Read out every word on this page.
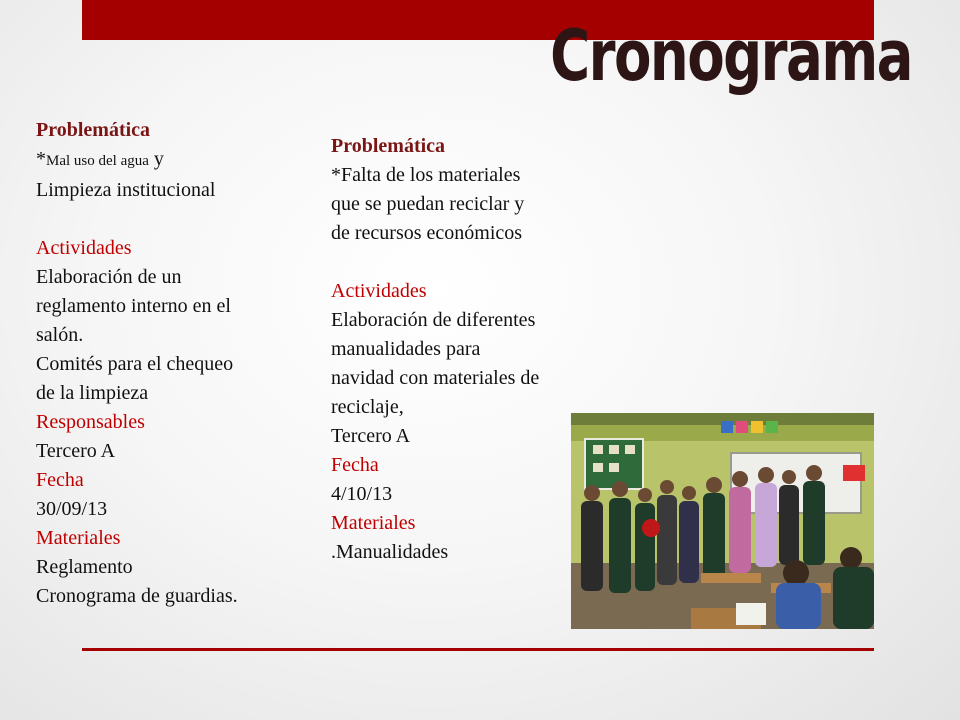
Cronograma
Problemática
*Mal uso del agua y
Limpieza institucional
Actividades
Elaboración de un
reglamento interno en el
salón.
Comités para el chequeo
de la limpieza
Responsables
Tercero A
Fecha
30/09/13
Materiales
Reglamento
Cronograma de guardias.
Problemática
*Falta de los materiales
que se puedan reciclar y
de recursos económicos
Actividades
Elaboración de diferentes
manualidades para
navidad con materiales de
reciclaje,
Tercero A
Fecha
4/10/13
Materiales
.Manualidades
